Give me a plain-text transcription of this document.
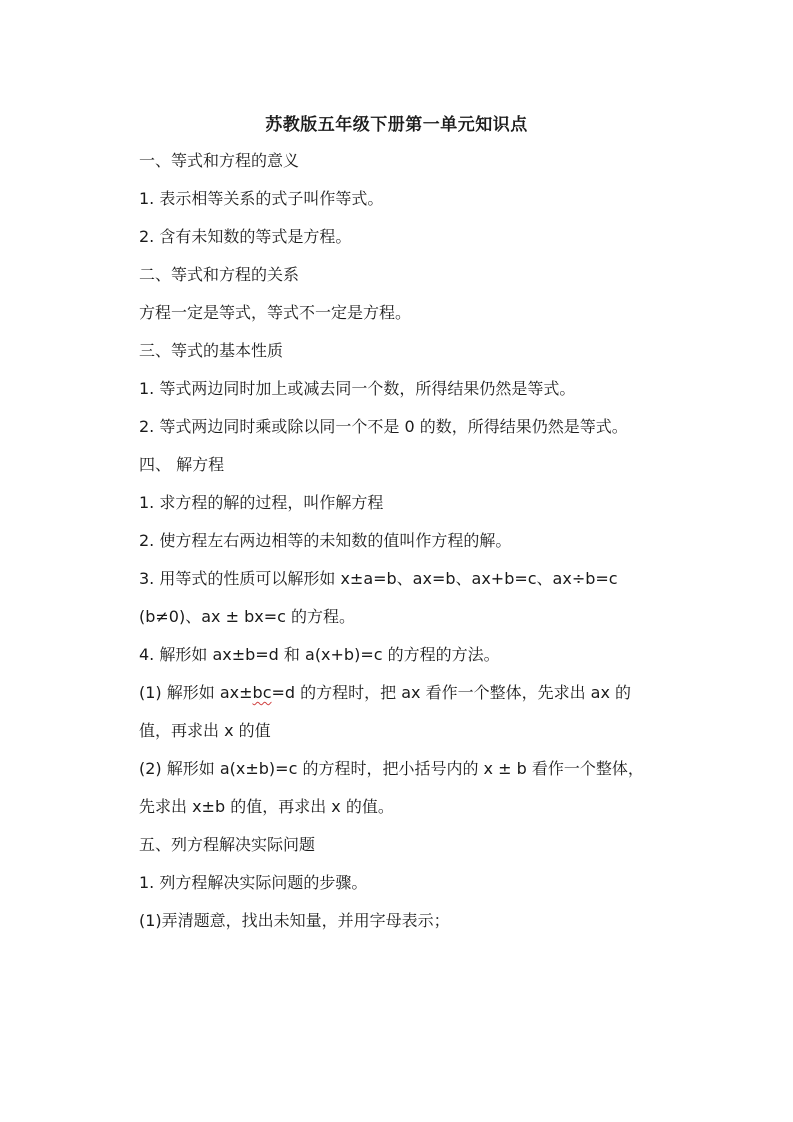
苏教版五年级下册第一单元知识点
一、等式和方程的意义
1. 表示相等关系的式子叫作等式。
2. 含有未知数的等式是方程。
二、等式和方程的关系
方程一定是等式，等式不一定是方程。
三、等式的基本性质
1. 等式两边同时加上或减去同一个数，所得结果仍然是等式。
2. 等式两边同时乘或除以同一个不是 0 的数，所得结果仍然是等式。
四、 解方程
1. 求方程的解的过程，叫作解方程
2. 使方程左右两边相等的未知数的值叫作方程的解。
3. 用等式的性质可以解形如 x±a=b、ax=b、ax+b=c、ax÷b=c
(b≠0)、ax ± bx=c 的方程。
4. 解形如 ax±b=d 和 a(x+b)=c 的方程的方法。
(1) 解形如 ax±bc=d 的方程时，把 ax 看作一个整体，先求出 ax 的
值，再求出 x 的值
(2) 解形如 a(x±b)=c 的方程时，把小括号内的 x ± b 看作一个整体，
先求出 x±b 的值，再求出 x 的值。
五、列方程解决实际问题
1. 列方程解决实际问题的步骤。
(1)弄清题意，找出未知量，并用字母表示；
